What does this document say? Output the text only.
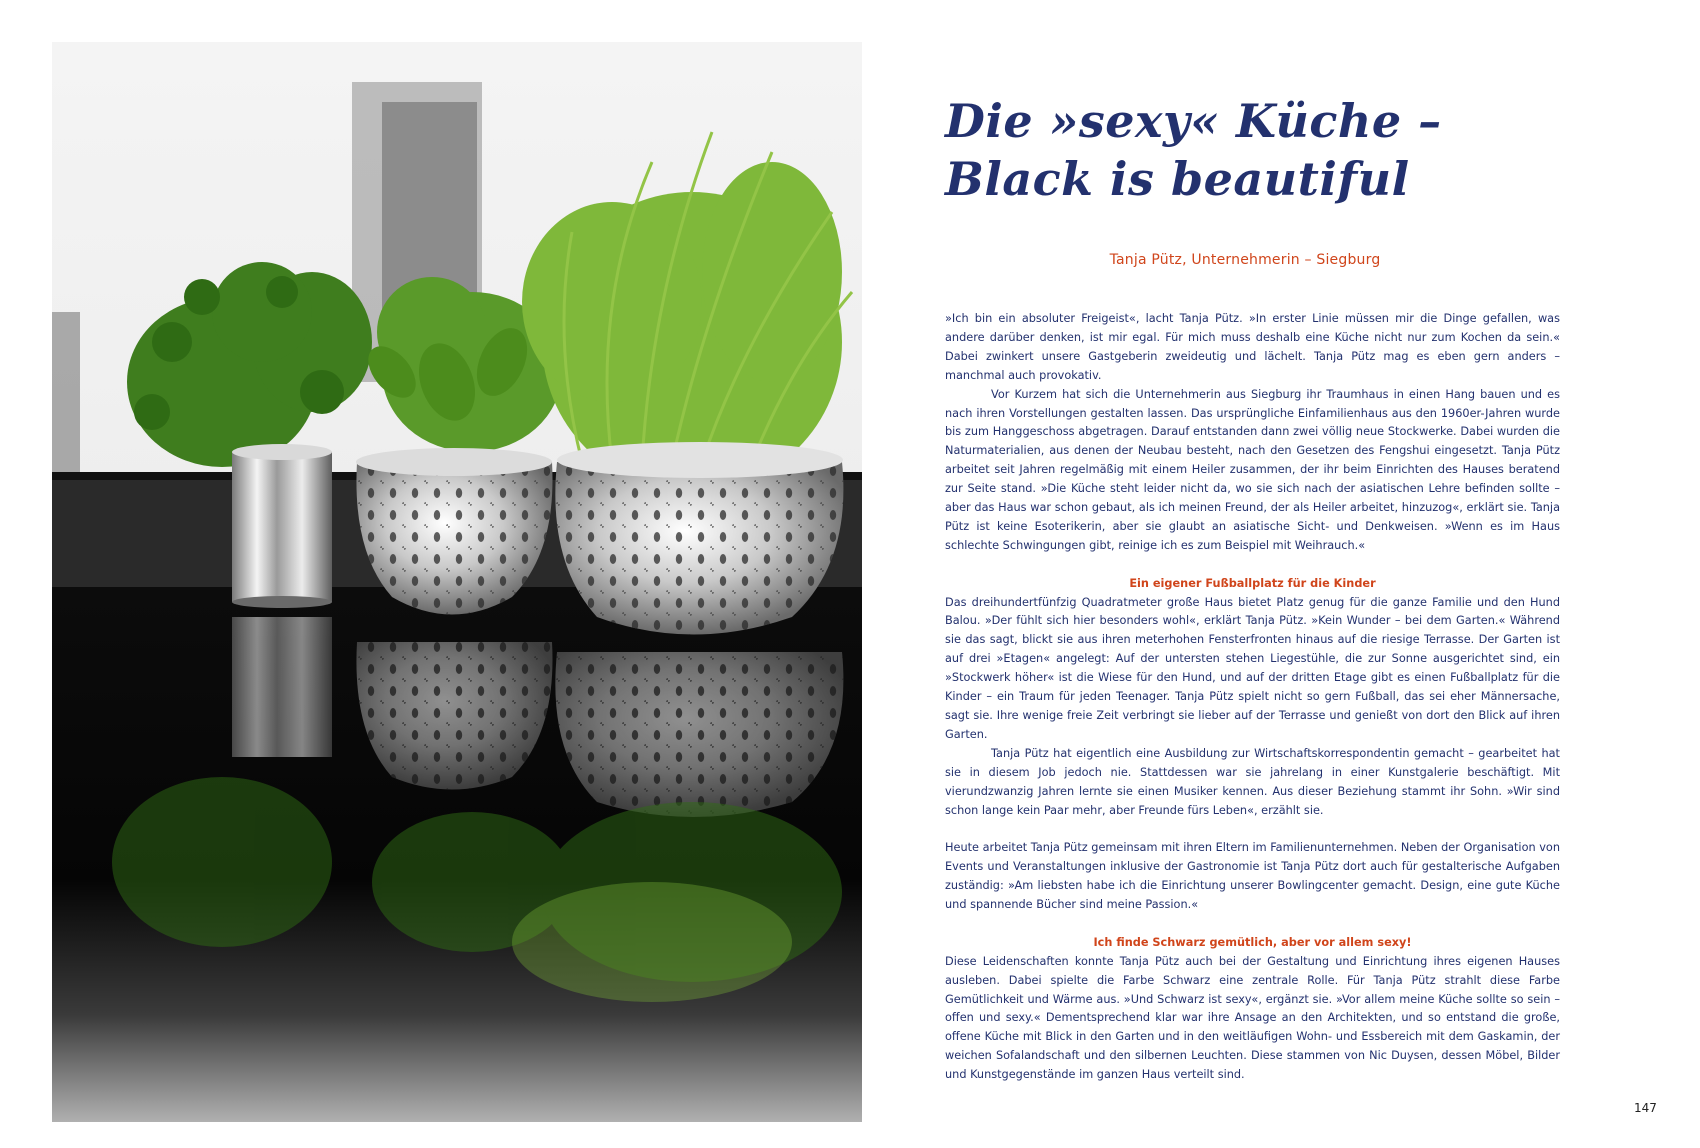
Die »sexy« Küche –
Black is beautiful
Tanja Pütz, Unternehmerin – Siegburg

»Ich bin ein absoluter Freigeist«, lacht Tanja Pütz. »In erster Linie müssen mir die Dinge gefallen, was andere darüber denken, ist mir egal. Für mich muss deshalb eine Küche nicht nur zum Kochen da sein.« Dabei zwinkert unsere Gastgeberin zweideutig und lächelt. Tanja Pütz mag es eben gern anders – manchmal auch provokativ.

Vor Kurzem hat sich die Unternehmerin aus Siegburg ihr Traumhaus in einen Hang bauen und es nach ihren Vorstellungen gestalten lassen. Das ursprüngliche Einfamilienhaus aus den 1960er-Jahren wurde bis zum Hanggeschoss abgetragen. Darauf entstanden dann zwei völlig neue Stockwerke. Dabei wurden die Naturmaterialien, aus denen der Neubau besteht, nach den Gesetzen des Fengshui eingesetzt. Tanja Pütz arbeitet seit Jahren regelmäßig mit einem Heiler zusammen, der ihr beim Einrichten des Hauses beratend zur Seite stand. »Die Küche steht leider nicht da, wo sie sich nach der asiatischen Lehre befinden sollte – aber das Haus war schon gebaut, als ich meinen Freund, der als Heiler arbeitet, hinzuzog«, erklärt sie. Tanja Pütz ist keine Esoterikerin, aber sie glaubt an asiatische Sicht- und Denkweisen. »Wenn es im Haus schlechte Schwingungen gibt, reinige ich es zum Beispiel mit Weihrauch.«

Ein eigener Fußballplatz für die Kinder

Das dreihundertfünfzig Quadratmeter große Haus bietet Platz genug für die ganze Familie und den Hund Balou. »Der fühlt sich hier besonders wohl«, erklärt Tanja Pütz. »Kein Wunder – bei dem Garten.« Während sie das sagt, blickt sie aus ihren meterhohen Fensterfronten hinaus auf die riesige Terrasse. Der Garten ist auf drei »Etagen« angelegt: Auf der untersten stehen Liegestühle, die zur Sonne ausgerichtet sind, ein »Stockwerk höher« ist die Wiese für den Hund, und auf der dritten Etage gibt es einen Fußballplatz für die Kinder – ein Traum für jeden Teenager. Tanja Pütz spielt nicht so gern Fußball, das sei eher Männersache, sagt sie. Ihre wenige freie Zeit verbringt sie lieber auf der Terrasse und genießt von dort den Blick auf ihren Garten.

Tanja Pütz hat eigentlich eine Ausbildung zur Wirtschaftskorrespondentin gemacht – gearbeitet hat sie in diesem Job jedoch nie. Stattdessen war sie jahrelang in einer Kunstgalerie beschäftigt. Mit vierundzwanzig Jahren lernte sie einen Musiker kennen. Aus dieser Beziehung stammt ihr Sohn. »Wir sind schon lange kein Paar mehr, aber Freunde fürs Leben«, erzählt sie.

Heute arbeitet Tanja Pütz gemeinsam mit ihren Eltern im Familienunternehmen. Neben der Organisation von Events und Veranstaltungen inklusive der Gastronomie ist Tanja Pütz dort auch für gestalterische Aufgaben zuständig: »Am liebsten habe ich die Einrichtung unserer Bowlingcenter gemacht. Design, eine gute Küche und spannende Bücher sind meine Passion.«

Ich finde Schwarz gemütlich, aber vor allem sexy!

Diese Leidenschaften konnte Tanja Pütz auch bei der Gestaltung und Einrichtung ihres eigenen Hauses ausleben. Dabei spielte die Farbe Schwarz eine zentrale Rolle. Für Tanja Pütz strahlt diese Farbe Gemütlichkeit und Wärme aus. »Und Schwarz ist sexy«, ergänzt sie. »Vor allem meine Küche sollte so sein – offen und sexy.« Dementsprechend klar war ihre Ansage an den Architekten, und so entstand die große, offene Küche mit Blick in den Garten und in den weitläufigen Wohn- und Essbereich mit dem Gaskamin, der weichen Sofalandschaft und den silbernen Leuchten. Diese stammen von Nic Duysen, dessen Möbel, Bilder und Kunstgegenstände im ganzen Haus verteilt sind.

147
